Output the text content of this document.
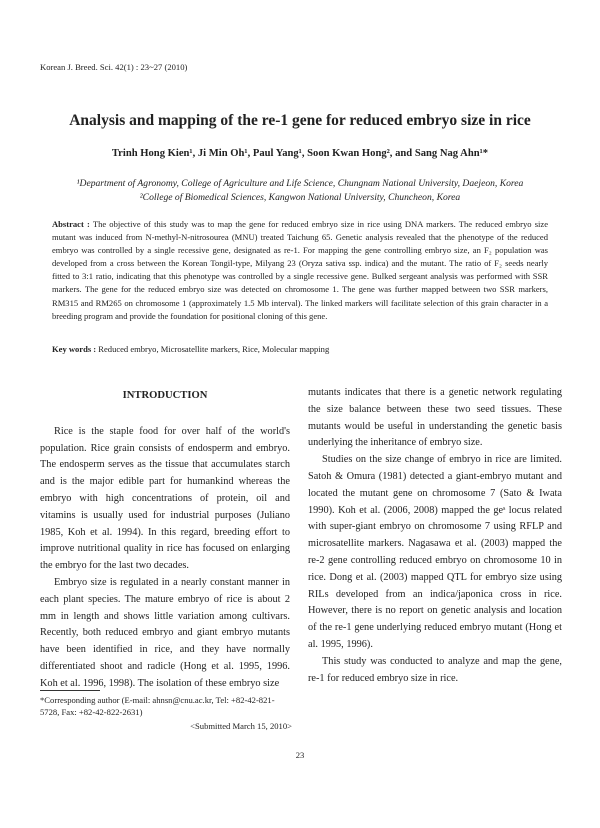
Korean J. Breed. Sci. 42(1) : 23~27 (2010)
Analysis and mapping of the re-1 gene for reduced embryo size in rice
Trinh Hong Kien¹, Ji Min Oh¹, Paul Yang¹, Soon Kwan Hong², and Sang Nag Ahn¹*
¹Department of Agronomy, College of Agriculture and Life Science, Chungnam National University, Daejeon, Korea
²College of Biomedical Sciences, Kangwon National University, Chuncheon, Korea
Abstract : The objective of this study was to map the gene for reduced embryo size in rice using DNA markers. The reduced embryo size mutant was induced from N-methyl-N-nitrosourea (MNU) treated Taichung 65. Genetic analysis revealed that the phenotype of the reduced embryo was controlled by a single recessive gene, designated as re-1. For mapping the gene controlling embryo size, an F₂ population was developed from a cross between the Korean Tongil-type, Milyang 23 (Oryza sativa ssp. indica) and the mutant. The ratio of F₂ seeds nearly fitted to 3:1 ratio, indicating that this phenotype was controlled by a single recessive gene. Bulked sergeant analysis was performed with SSR markers. The gene for the reduced embryo size was detected on chromosome 1. The gene was further mapped between two SSR markers, RM315 and RM265 on chromosome 1 (approximately 1.5 Mb interval). The linked markers will facilitate selection of this grain character in a breeding program and provide the foundation for positional cloning of this gene.
Key words : Reduced embryo, Microsatellite markers, Rice, Molecular mapping
INTRODUCTION

Rice is the staple food for over half of the world's population. Rice grain consists of endosperm and embryo. The endosperm serves as the tissue that accumulates starch and is the major edible part for humankind whereas the embryo with high concentrations of protein, oil and vitamins is usually used for industrial purposes (Juliano 1985, Koh et al. 1994). In this regard, breeding effort to improve nutritional quality in rice has focused on enlarging the embryo for the last two decades.

Embryo size is regulated in a nearly constant manner in each plant species. The mature embryo of rice is about 2 mm in length and shows little variation among cultivars. Recently, both reduced embryo and giant embryo mutants have been identified in rice, and they have normally differentiated shoot and radicle (Hong et al. 1995, 1996. Koh et al. 1996, 1998). The isolation of these embryo size

mutants indicates that there is a genetic network regulating the size balance between these two seed tissues. These mutants would be useful in understanding the genetic basis underlying the inheritance of embryo size.

Studies on the size change of embryo in rice are limited. Satoh & Omura (1981) detected a giant-embryo mutant and located the mutant gene on chromosome 7 (Sato & Iwata 1990). Koh et al. (2006, 2008) mapped the geˢ locus related with super-giant embryo on chromosome 7 using RFLP and microsatellite markers. Nagasawa et al. (2003) mapped the re-2 gene controlling reduced embryo on chromosome 10 in rice. Dong et al. (2003) mapped QTL for embryo size using RILs developed from an indica/japonica cross in rice. However, there is no report on genetic analysis and location of the re-1 gene underlying reduced embryo mutant (Hong et al. 1995, 1996).

This study was conducted to analyze and map the gene, re-1 for reduced embryo size in rice.

*Corresponding author (E-mail: ahnsn@cnu.ac.kr, Tel: +82-42-821-5728, Fax: +82-42-822-2631)
<Submitted March 15, 2010>
23
